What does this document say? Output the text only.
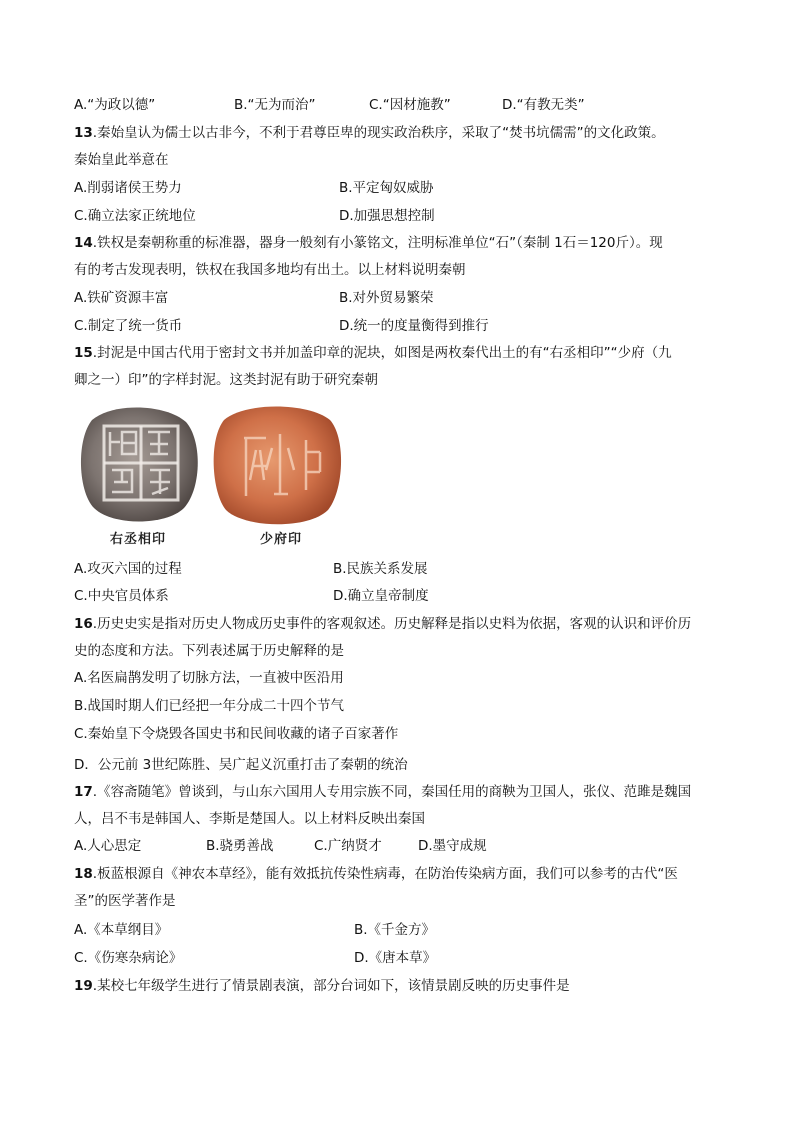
A.“为政以德”	B.“无为而治”	C.“因材施教”	D.“有教无类”
13.秦始皇认为儒士以古非今，不利于君尊臣卑的现实政治秩序，采取了“焚书坑儒需”的文化政策。
秦始皇此举意在
A.削弱诸侯王势力	B.平定匈奴威胁
C.确立法家正统地位	D.加强思想控制
14.铁权是秦朝称重的标准器，器身一般刻有小篆铭文，注明标准单位“石”（秦制 1石＝120斤）。现
有的考古发现表明，铁权在我国多地均有出土。以上材料说明秦朝
A.铁矿资源丰富	B.对外贸易繁荣
C.制定了统一货币	D.统一的度量衡得到推行
15.封泥是中国古代用于密封文书并加盖印章的泥块，如图是两枚秦代出土的有“右丞相印”“少府（九
卿之一）印”的字样封泥。这类封泥有助于研究秦朝
右丞相印	少府印
A.攻灭六国的过程	B.民族关系发展
C.中央官员体系	D.确立皇帝制度
16.历史史实是指对历史人物成历史事件的客观叙述。历史解释是指以史料为依据，客观的认识和评价历
史的态度和方法。下列表述属于历史解释的是
A.名医扁鹊发明了切脉方法，一直被中医沿用
B.战国时期人们已经把一年分成二十四个节气
C.秦始皇下令烧毁各国史书和民间收藏的诸子百家著作
D．公元前 3世纪陈胜、吴广起义沉重打击了秦朝的统治
17.《容斋随笔》曾谈到，与山东六国用人专用宗族不同，秦国任用的商鞅为卫国人，张仪、范雎是魏国
人，吕不韦是韩国人、李斯是楚国人。以上材料反映出秦国
A.人心思定	B.骁勇善战	C.广纳贤才	D.墨守成规
18.板蓝根源自《神农本草经》，能有效抵抗传染性病毒，在防治传染病方面，我们可以参考的古代“医
圣”的医学著作是
A.《本草纲目》	B.《千金方》
C.《伤寒杂病论》	D.《唐本草》
19.某校七年级学生进行了情景剧表演，部分台词如下，该情景剧反映的历史事件是
